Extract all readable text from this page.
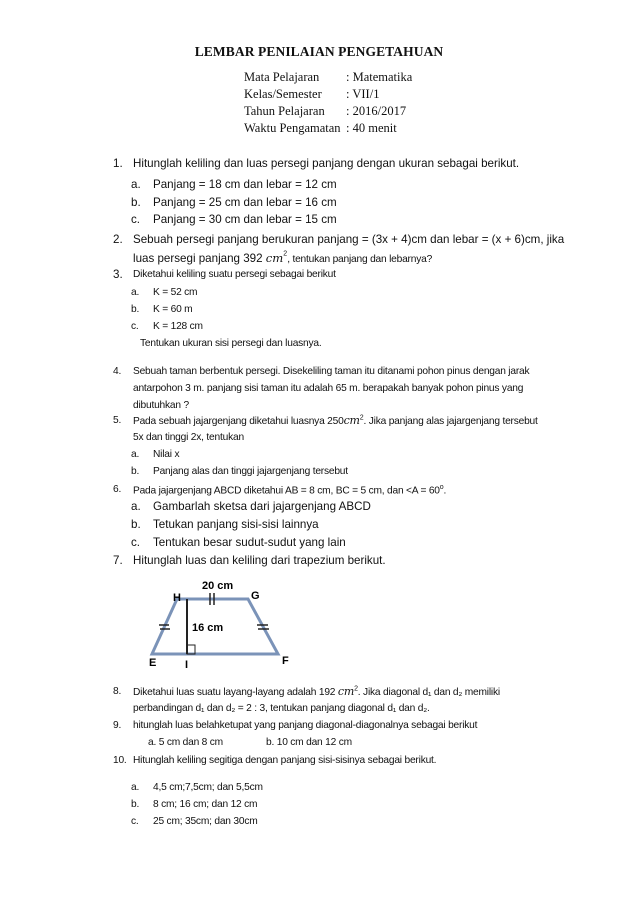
LEMBAR PENILAIAN PENGETAHUAN
Mata Pelajaran	: Matematika
Kelas/Semester	: VII/1
Tahun Pelajaran	: 2016/2017
Waktu Pengamatan : 40 menit
1. Hitunglah keliling dan luas persegi panjang dengan ukuran sebagai berikut.
a. Panjang = 18 cm dan lebar = 12 cm
b. Panjang = 25 cm dan lebar = 16 cm
c. Panjang = 30 cm dan lebar = 15 cm
2. Sebuah persegi panjang berukuran panjang = (3x + 4)cm dan lebar = (x + 6)cm, jika
luas persegi panjang 392 $cm^2$, tentukan panjang dan lebarnya?
3. Diketahui keliling suatu persegi sebagai berikut
a. K = 52 cm
b. K = 60 m
c. K = 128 cm
Tentukan ukuran sisi persegi dan luasnya.
4. Sebuah taman berbentuk persegi. Disekeliling taman itu ditanami pohon pinus dengan jarak
antarpohon 3 m. panjang sisi taman itu adalah 65 m. berapakah banyak pohon pinus yang
dibutuhkan ?
5. Pada sebuah jajargenjang diketahui luasnya $250cm^2$. Jika panjang alas jajargenjang tersebut
5x dan tinggi 2x, tentukan
a. Nilai x
b. Panjang alas dan tinggi jajargenjang tersebut
6. Pada jajargenjang ABCD diketahui AB = 8 cm, BC = 5 cm, dan $<A = 60^o$.
a. Gambarlah sketsa dari jajargenjang ABCD
b. Tetukan panjang sisi-sisi lainnya
c. Tentukan besar sudut-sudut yang lain
7. Hitunglah luas dan keliling dari trapezium berikut.
20 cm
16 cm
H	G
E	F
I
8. Diketahui luas suatu layang-layang adalah 192 $cm^2$. Jika diagonal d₁ dan d₂ memiliki
perbandingan d₁ dan d₂ = 2 : 3, tentukan panjang diagonal d₁ dan d₂.
9. hitunglah luas belahketupat yang panjang diagonal-diagonalnya sebagai berikut
a. 5 cm dan 8 cm	b. 10 cm dan 12 cm
10. Hitunglah keliling segitiga dengan panjang sisi-sisinya sebagai berikut.
a. 4,5 cm;7,5cm; dan 5,5cm
b. 8 cm; 16 cm; dan 12 cm
c. 25 cm; 35cm; dan 30cm
